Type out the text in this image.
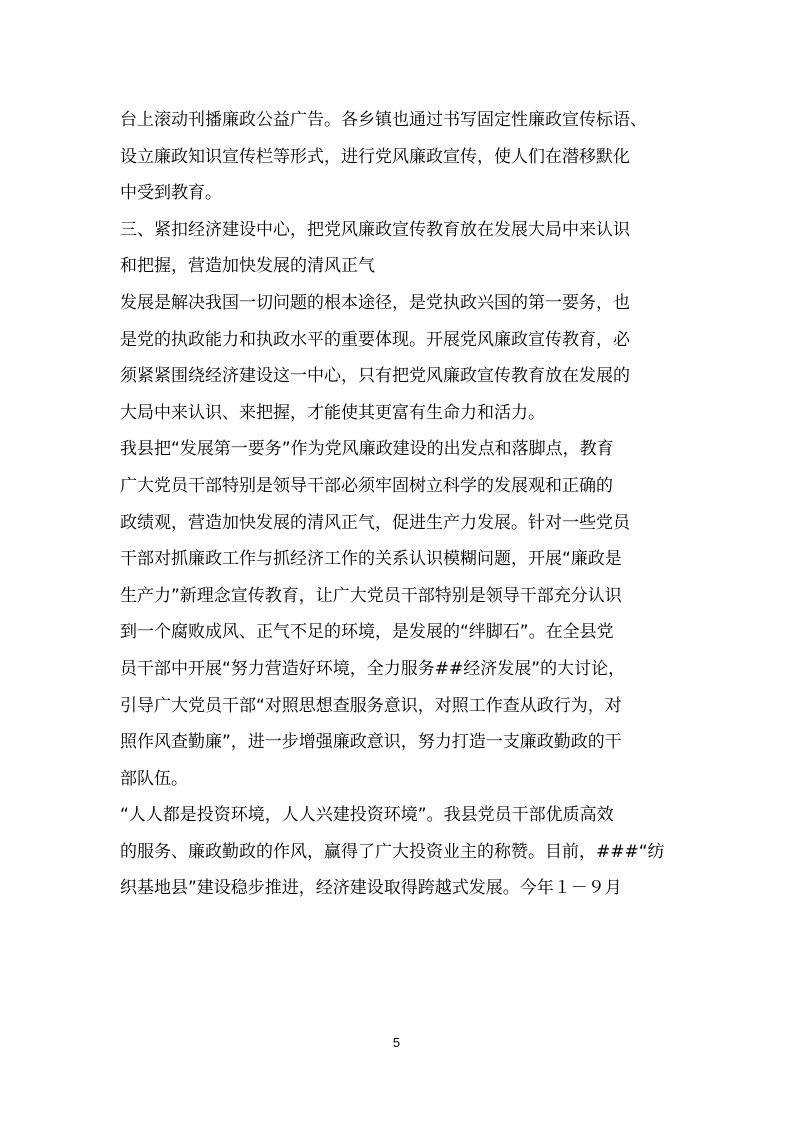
台上滚动刊播廉政公益广告。各乡镇也通过书写固定性廉政宣传标语、
设立廉政知识宣传栏等形式，进行党风廉政宣传，使人们在潜移默化
中受到教育。
三、紧扣经济建设中心，把党风廉政宣传教育放在发展大局中来认识
和把握，营造加快发展的清风正气
发展是解决我国一切问题的根本途径，是党执政兴国的第一要务，也
是党的执政能力和执政水平的重要体现。开展党风廉政宣传教育，必
须紧紧围绕经济建设这一中心，只有把党风廉政宣传教育放在发展的
大局中来认识、来把握，才能使其更富有生命力和活力。
我县把“发展第一要务”作为党风廉政建设的出发点和落脚点，教育
广大党员干部特别是领导干部必须牢固树立科学的发展观和正确的
政绩观，营造加快发展的清风正气，促进生产力发展。针对一些党员
干部对抓廉政工作与抓经济工作的关系认识模糊问题，开展“廉政是
生产力”新理念宣传教育，让广大党员干部特别是领导干部充分认识
到一个腐败成风、正气不足的环境，是发展的“绊脚石”。在全县党
员干部中开展“努力营造好环境，全力服务##经济发展”的大讨论，
引导广大党员干部“对照思想查服务意识，对照工作查从政行为，对
照作风查勤廉”，进一步增强廉政意识，努力打造一支廉政勤政的干
部队伍。
“人人都是投资环境，人人兴建投资环境”。我县党员干部优质高效
的服务、廉政勤政的作风，赢得了广大投资业主的称赞。目前，###“纺
织基地县”建设稳步推进，经济建设取得跨越式发展。今年１－９月
5
